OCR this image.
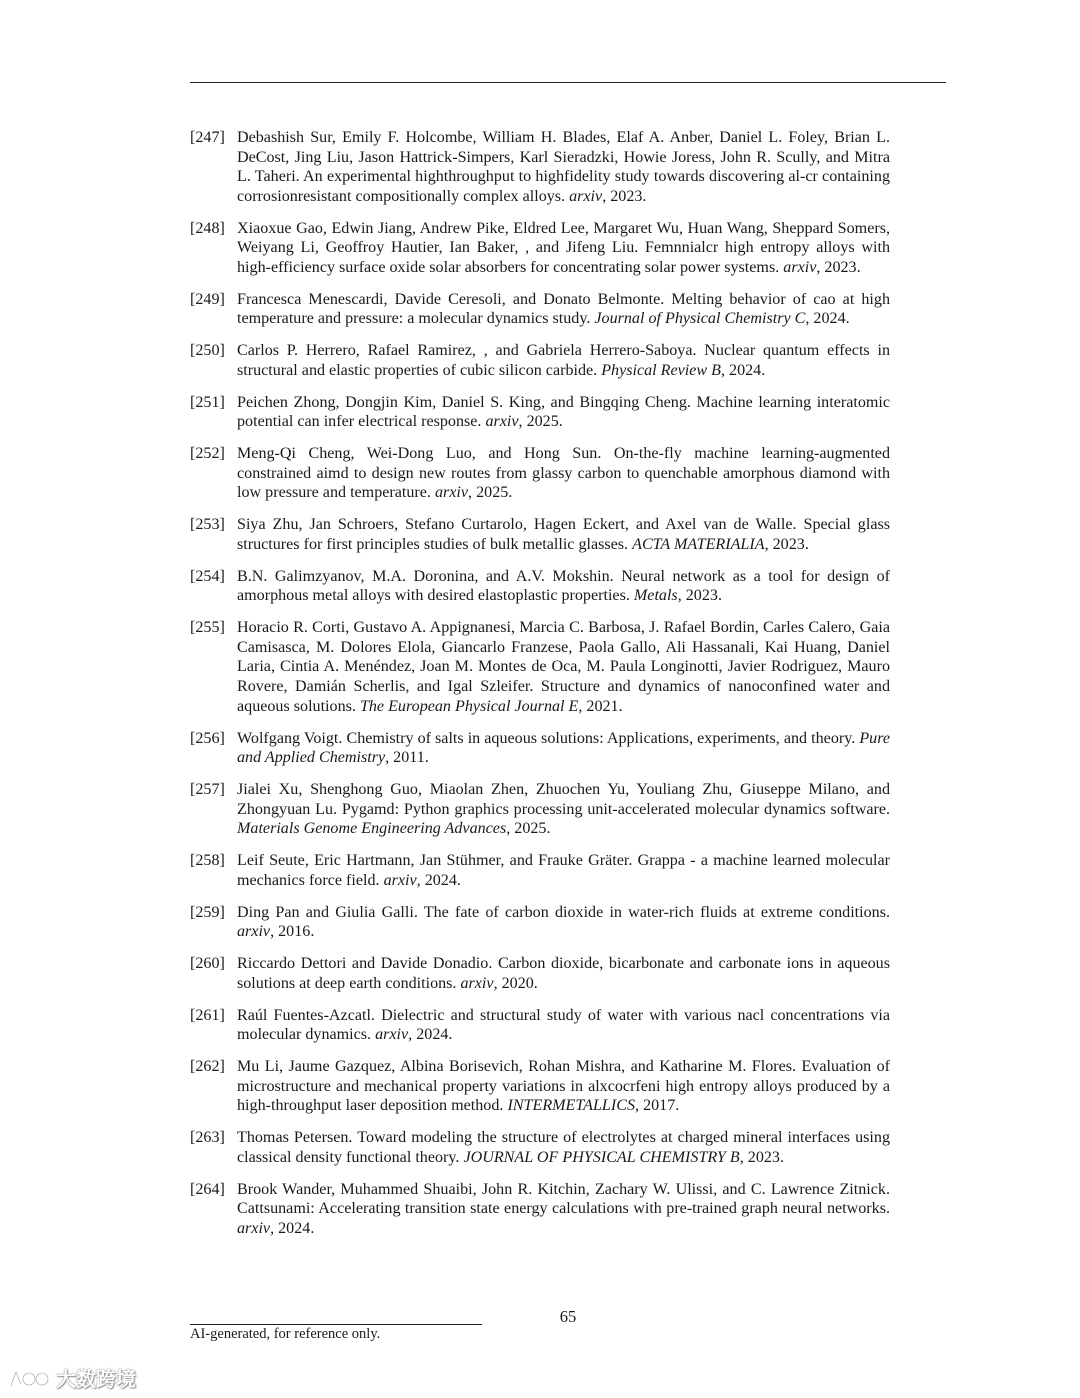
[247] Debashish Sur, Emily F. Holcombe, William H. Blades, Elaf A. Anber, Daniel L. Foley, Brian L. DeCost, Jing Liu, Jason Hattrick-Simpers, Karl Sieradzki, Howie Joress, John R. Scully, and Mitra L. Taheri. An experimental highthroughput to highfidelity study towards discovering al-cr containing corrosionresistant compositionally complex alloys. arxiv, 2023.
[248] Xiaoxue Gao, Edwin Jiang, Andrew Pike, Eldred Lee, Margaret Wu, Huan Wang, Sheppard Somers, Weiyang Li, Geoffroy Hautier, Ian Baker, , and Jifeng Liu. Femnnialcr high entropy alloys with high-efficiency surface oxide solar absorbers for concentrating solar power systems. arxiv, 2023.
[249] Francesca Menescardi, Davide Ceresoli, and Donato Belmonte. Melting behavior of cao at high temperature and pressure: a molecular dynamics study. Journal of Physical Chemistry C, 2024.
[250] Carlos P. Herrero, Rafael Ramirez, , and Gabriela Herrero-Saboya. Nuclear quantum effects in structural and elastic properties of cubic silicon carbide. Physical Review B, 2024.
[251] Peichen Zhong, Dongjin Kim, Daniel S. King, and Bingqing Cheng. Machine learning interatomic potential can infer electrical response. arxiv, 2025.
[252] Meng-Qi Cheng, Wei-Dong Luo, and Hong Sun. On-the-fly machine learning-augmented constrained aimd to design new routes from glassy carbon to quenchable amorphous diamond with low pressure and temperature. arxiv, 2025.
[253] Siya Zhu, Jan Schroers, Stefano Curtarolo, Hagen Eckert, and Axel van de Walle. Special glass structures for first principles studies of bulk metallic glasses. ACTA MATERIALIA, 2023.
[254] B.N. Galimzyanov, M.A. Doronina, and A.V. Mokshin. Neural network as a tool for design of amorphous metal alloys with desired elastoplastic properties. Metals, 2023.
[255] Horacio R. Corti, Gustavo A. Appignanesi, Marcia C. Barbosa, J. Rafael Bordin, Carles Calero, Gaia Camisasca, M. Dolores Elola, Giancarlo Franzese, Paola Gallo, Ali Hassanali, Kai Huang, Daniel Laria, Cintia A. Menéndez, Joan M. Montes de Oca, M. Paula Longinotti, Javier Rodriguez, Mauro Rovere, Damián Scherlis, and Igal Szleifer. Structure and dynamics of nanoconfined water and aqueous solutions. The European Physical Journal E, 2021.
[256] Wolfgang Voigt. Chemistry of salts in aqueous solutions: Applications, experiments, and theory. Pure and Applied Chemistry, 2011.
[257] Jialei Xu, Shenghong Guo, Miaolan Zhen, Zhuochen Yu, Youliang Zhu, Giuseppe Milano, and Zhongyuan Lu. Pygamd: Python graphics processing unit-accelerated molecular dynamics software. Materials Genome Engineering Advances, 2025.
[258] Leif Seute, Eric Hartmann, Jan Stühmer, and Frauke Gräter. Grappa - a machine learned molecular mechanics force field. arxiv, 2024.
[259] Ding Pan and Giulia Galli. The fate of carbon dioxide in water-rich fluids at extreme conditions. arxiv, 2016.
[260] Riccardo Dettori and Davide Donadio. Carbon dioxide, bicarbonate and carbonate ions in aqueous solutions at deep earth conditions. arxiv, 2020.
[261] Raúl Fuentes-Azcatl. Dielectric and structural study of water with various nacl concentrations via molecular dynamics. arxiv, 2024.
[262] Mu Li, Jaume Gazquez, Albina Borisevich, Rohan Mishra, and Katharine M. Flores. Evaluation of microstructure and mechanical property variations in alxcocrfeni high entropy alloys produced by a high-throughput laser deposition method. INTERMETALLICS, 2017.
[263] Thomas Petersen. Toward modeling the structure of electrolytes at charged mineral interfaces using classical density functional theory. JOURNAL OF PHYSICAL CHEMISTRY B, 2023.
[264] Brook Wander, Muhammed Shuaibi, John R. Kitchin, Zachary W. Ulissi, and C. Lawrence Zitnick. Cattsunami: Accelerating transition state energy calculations with pre-trained graph neural networks. arxiv, 2024.
65
AI-generated, for reference only.
大数跨境
